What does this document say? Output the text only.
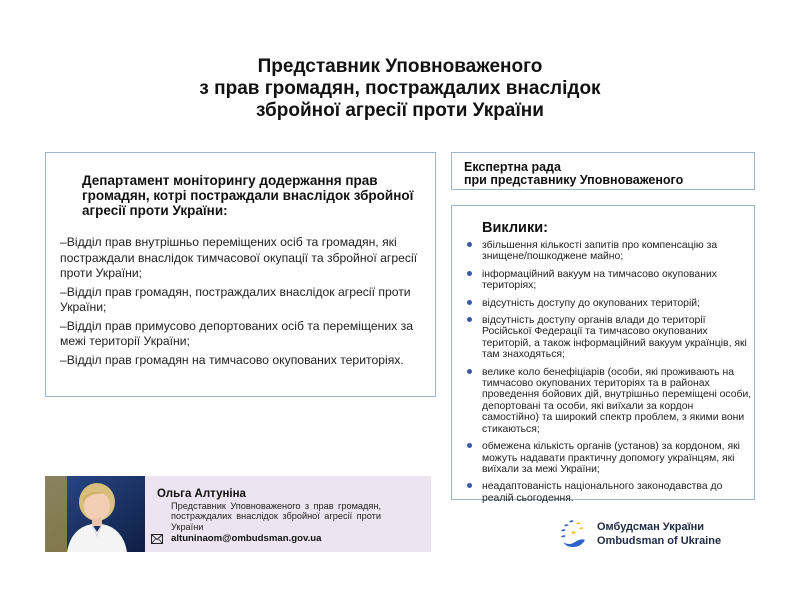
Представник Уповноваженого
з прав громадян, постраждалих внаслідок
збройної агресії проти України
Департамент моніторингу додержання прав громадян, котрі постраждали внаслідок збройної агресії проти України:
–Відділ прав внутрішньо переміщених осіб та громадян, які постраждали внаслідок тимчасової окупації та збройної агресії проти України;
–Відділ прав громадян, постраждалих внаслідок агресії проти України;
–Відділ прав примусово депортованих осіб та переміщених за межі території України;
–Відділ прав громадян на тимчасово окупованих територіях.
Експертна рада
при представнику Уповноваженого
Виклики:
збільшення кількості запитів про компенсацію за знищене/пошкоджене майно;
інформаційний вакуум на тимчасово окупованих територіях;
відсутність доступу до окупованих територій;
відсутність доступу органів влади до території Російської Федерації та тимчасово окупованих територій, а також інформаційний вакуум українців, які там знаходяться;
велике коло бенефіціарів (особи, які проживають на тимчасово окупованих територіях та в районах проведення бойових дій, внутрішньо переміщені особи, депортовані та особи, які виїхали за кордон самостійно) та широкий спектр проблем, з якими вони стикаються;
обмежена кількість органів (установ) за кордоном, які можуть надавати практичну допомогу українцям, які виїхали за межі України;
неадаптованість національного законодавства до реалій сьогодення.
Ольга Алтуніна
Представник Уповноваженого з прав громадян, постраждалих внаслідок збройної агресії проти України
altuninaom@ombudsman.gov.ua
Омбудсман України
Ombudsman of Ukraine
